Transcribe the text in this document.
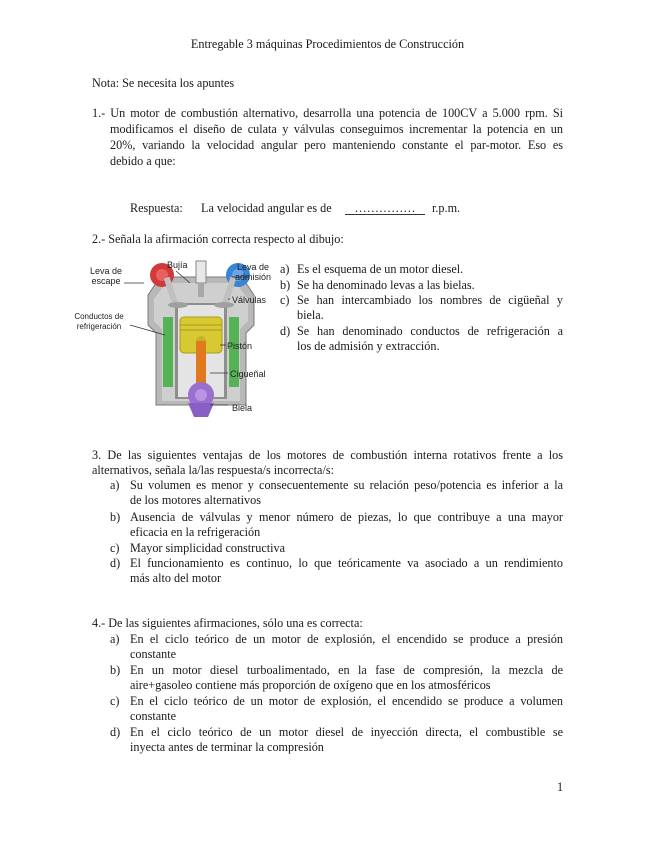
Entregable 3 máquinas Procedimientos de Construcción
Nota: Se necesita los apuntes
1.- Un motor de combustión alternativo, desarrolla una potencia de 100CV a 5.000 rpm. Si
modificamos el diseño de culata y válvulas conseguimos incrementar la potencia en un
20%, variando la velocidad angular pero manteniendo constante el par-motor. Eso es
debido a que:
Respuesta: La velocidad angular es de	……………	r.p.m.
2.- Señala la afirmación correcta respecto al dibujo:
Leva de escape
Bujía	Leva de admisión
Válvulas
Conductos de refrigeración
Pistón
Cigueñal
Biela
a) Es el esquema de un motor diesel.
b) Se ha denominado levas a las bielas.
c) Se han intercambiado los nombres de cigüeñal y
biela.
d) Se han denominado conductos de refrigeración a
los de admisión y extracción.
3. De las siguientes ventajas de los motores de combustión interna rotativos frente a los
alternativos, señala la/las respuesta/s incorrecta/s:
a) Su volumen es menor y consecuentemente su relación peso/potencia es inferior a la
de los motores alternativos
b) Ausencia de válvulas y menor número de piezas, lo que contribuye a una mayor
eficacia en la refrigeración
c) Mayor simplicidad constructiva
d) El funcionamiento es continuo, lo que teóricamente va asociado a un rendimiento
más alto del motor
4.- De las siguientes afirmaciones, sólo una es correcta:
a) En el ciclo teórico de un motor de explosión, el encendido se produce a presión
constante
b) En un motor diesel turboalimentado, en la fase de compresión, la mezcla de
aire+gasoleo contiene más proporción de oxígeno que en los atmosféricos
c) En el ciclo teórico de un motor de explosión, el encendido se produce a volumen
constante
d) En el ciclo teórico de un motor diesel de inyección directa, el combustible se
inyecta antes de terminar la compresión
1
